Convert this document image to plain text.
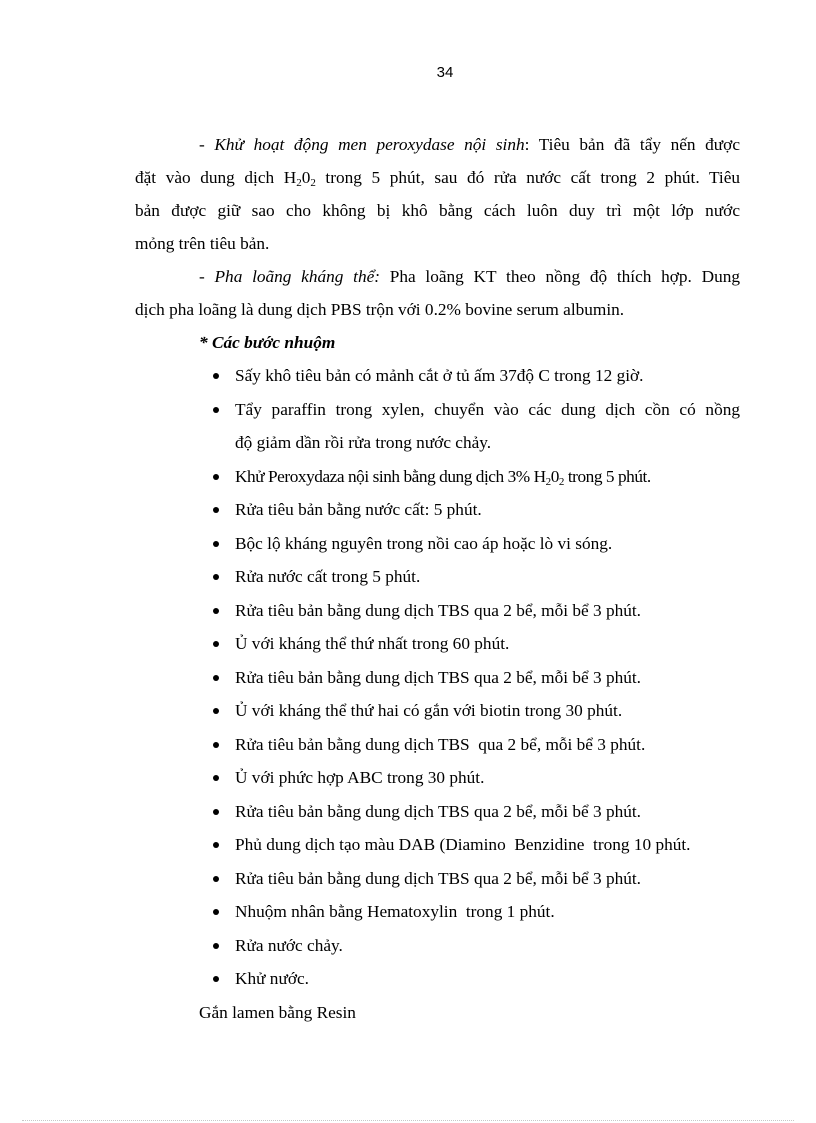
34
- Khử hoạt động men peroxydase nội sinh: Tiêu bản đã tẩy nến được
đặt vào dung dịch $H_20_2$ trong 5 phút, sau đó rửa nước cất trong 2 phút. Tiêu
bản được giữ sao cho không bị khô bằng cách luôn duy trì một lớp nước
mỏng trên tiêu bản.
- Pha loãng kháng thể: Pha loãng KT theo nồng độ thích hợp. Dung
dịch pha loãng là dung dịch PBS trộn với 0.2% bovine serum albumin.
* Các bước nhuộm
Sấy khô tiêu bản có mảnh cắt ở tủ ấm 37độ C trong 12 giờ.
Tẩy paraffin trong xylen, chuyển vào các dung dịch cồn có nồng
độ giảm dần rồi rửa trong nước chảy.
Khử Peroxydaza nội sinh bằng dung dịch 3% $H_20_2$ trong 5 phút.
Rửa tiêu bản bằng nước cất: 5 phút.
Bộc lộ kháng nguyên trong nồi cao áp hoặc lò vi sóng.
Rửa nước cất trong 5 phút.
Rửa tiêu bản bằng dung dịch TBS qua 2 bể, mỗi bể 3 phút.
Ủ với kháng thể thứ nhất trong 60 phút.
Rửa tiêu bản bằng dung dịch TBS qua 2 bể, mỗi bể 3 phút.
Ủ với kháng thể thứ hai có gắn với biotin trong 30 phút.
Rửa tiêu bản bằng dung dịch TBS  qua 2 bể, mỗi bể 3 phút.
Ủ với phức hợp ABC trong 30 phút.
Rửa tiêu bản bằng dung dịch TBS qua 2 bể, mỗi bể 3 phút.
Phủ dung dịch tạo màu DAB (Diamino  Benzidine  trong 10 phút.
Rửa tiêu bản bằng dung dịch TBS qua 2 bể, mỗi bể 3 phút.
Nhuộm nhân bằng Hematoxylin  trong 1 phút.
Rửa nước chảy.
Khử nước.
Gắn lamen bằng Resin
